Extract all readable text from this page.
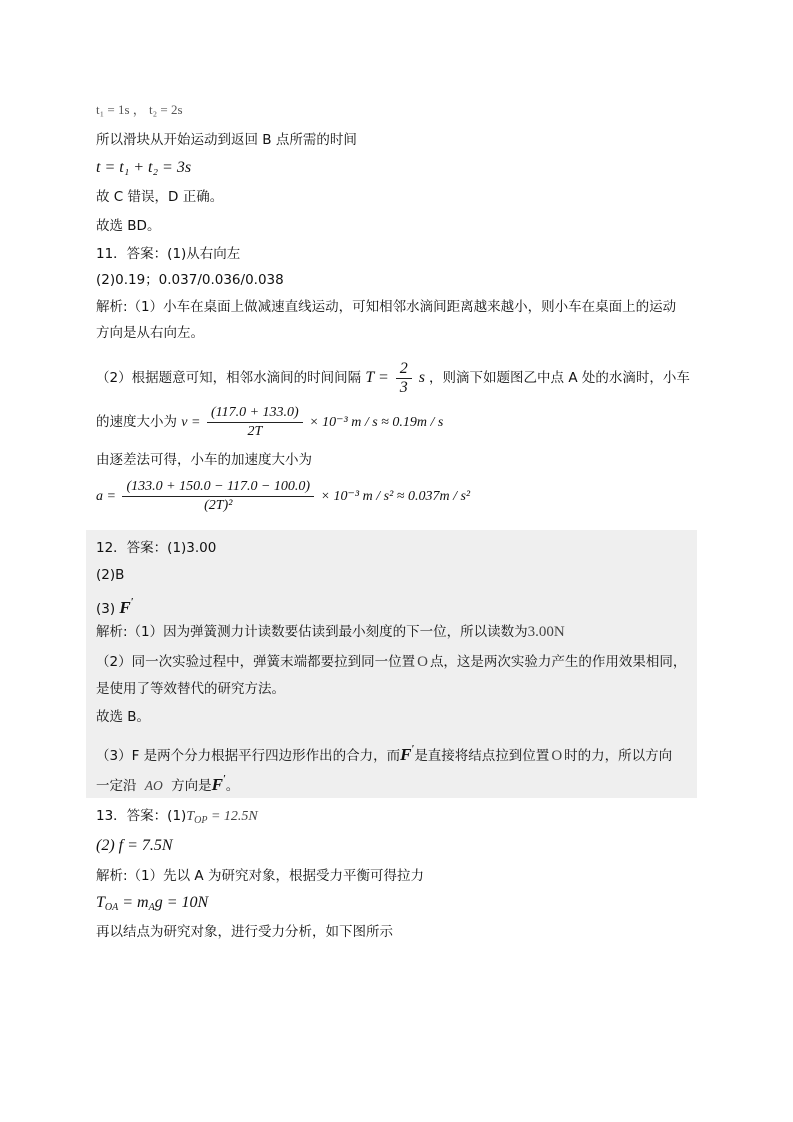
t₁ = 1s ， t₂ = 2s
所以滑块从开始运动到返回 B 点所需的时间
t = t₁ + t₂ = 3s
故 C 错误，D 正确。
故选 BD。
11．答案：(1)从右向左
(2)0.19；0.037/0.036/0.038
解析:（1）小车在桌面上做减速直线运动，可知相邻水滴间距离越来越小，则小车在桌面上的运动
方向是从右向左。
（2）根据题意可知，相邻水滴间的时间间隔 $T = \frac{2}{3}$ s ，则滴下如题图乙中点 A 处的水滴时，小车
的速度大小为 $v = \frac{(117.0 + 133.0)}{2T} \times 10^{-3}$ m / s ≈ 0.19m / s
由逐差法可得，小车的加速度大小为
$a = \frac{(133.0 + 150.0 - 117.0 - 100.0)}{\text{(2T)²}} \times 10^{-3}$ m / s² ≈ 0.037m / s²
12．答案：(1)3.00
(2)B
(3) F′
解析:（1）因为弹簧测力计读数要估读到最小刻度的下一位，所以读数为3.00N
（2）同一次实验过程中，弹簧末端都要拉到同一位置 O 点，这是两次实验力产生的作用效果相同，
是使用了等效替代的研究方法。
故选 B。
（3）F 是两个分力根据平行四边形作出的合力，而F′是直接将结点拉到位置 O 时的力，所以方向
一定沿 AO 方向是F′。
13．答案：$(1)T_{OP} = 12.5N$
(2) f = 7.5N
解析:（1）先以 A 为研究对象，根据受力平衡可得拉力
$T_{OA} = m_Ag = 10N$
再以结点为研究对象，进行受力分析，如下图所示
